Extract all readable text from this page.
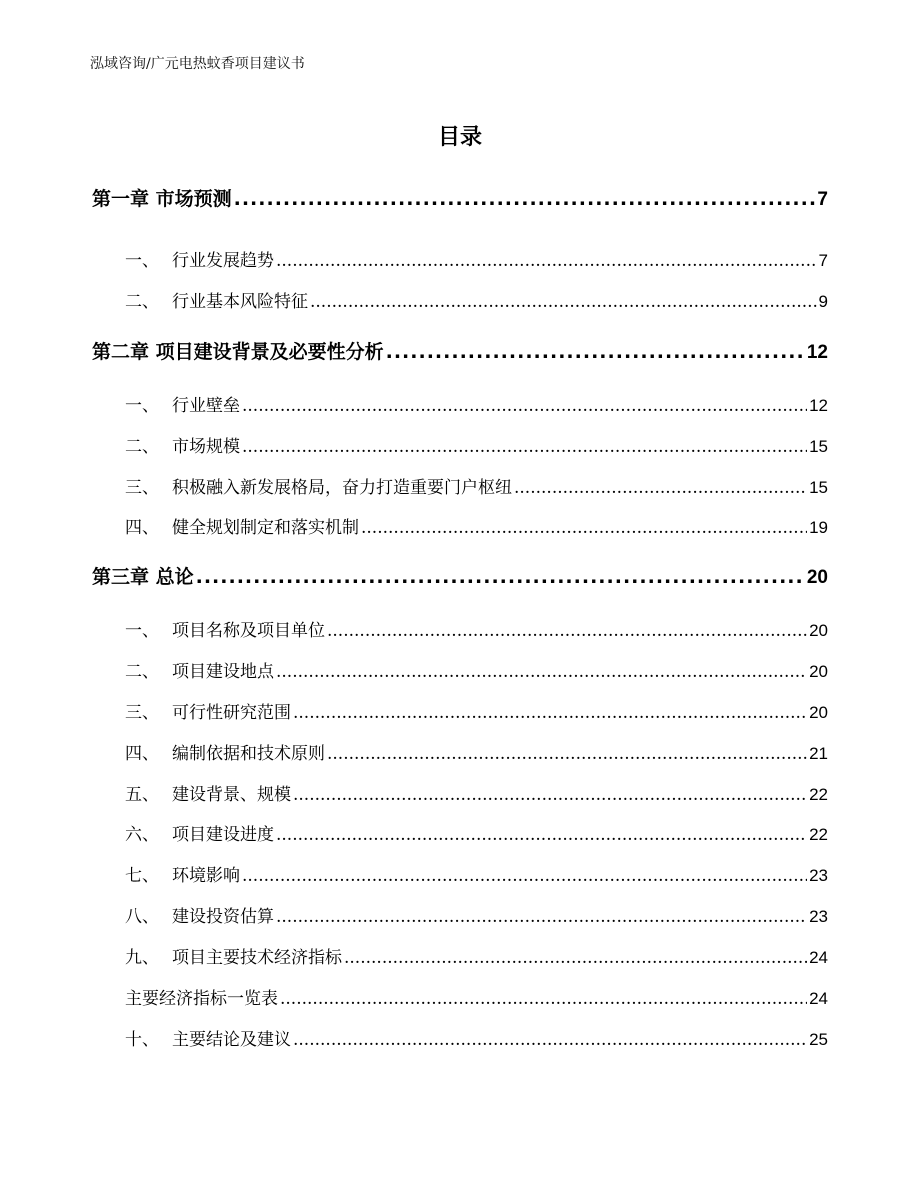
泓域咨询/广元电热蚊香项目建议书
目录
第一章 市场预测 .....	7
一、 行业发展趋势 .....	7
二、 行业基本风险特征 .....	9
第二章 项目建设背景及必要性分析 .....	12
一、 行业壁垒 .....	12
二、 市场规模 .....	15
三、 积极融入新发展格局，奋力打造重要门户枢纽 .....	15
四、 健全规划制定和落实机制 .....	19
第三章 总论 .....	20
一、 项目名称及项目单位 .....	20
二、 项目建设地点 .....	20
三、 可行性研究范围 .....	20
四、 编制依据和技术原则 .....	21
五、 建设背景、规模 .....	22
六、 项目建设进度 .....	22
七、 环境影响 .....	23
八、 建设投资估算 .....	23
九、 项目主要技术经济指标 .....	24
主要经济指标一览表 .....	24
十、 主要结论及建议 .....	25
